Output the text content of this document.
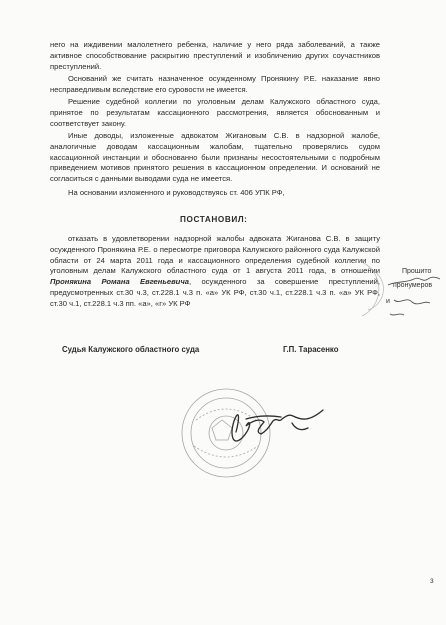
него на иждивении малолетнего ребенка, наличие у него ряда заболеваний, а также активное способствование раскрытию преступлений и изобличению других соучастников преступлений.

Оснований же считать назначенное осужденному Пронякину Р.Е. наказание явно несправедливым вследствие его суровости не имеется.

Решение судебной коллегии по уголовным делам Калужского областного суда, принятое по результатам кассационного рассмотрения, является обоснованным и соответствует закону.

Иные доводы, изложенные адвокатом Жигановым С.В. в надзорной жалобе, аналогичные доводам кассационным жалобам, тщательно проверялись судом кассационной инстанции и обоснованно были признаны несостоятельными с подробным приведением мотивов принятого решения в кассационном определении. И оснований не согласиться с данными выводами суда не имеется.

На основании изложенного и руководствуясь ст. 406 УПК РФ,

ПОСТАНОВИЛ:

отказать в удовлетворении надзорной жалобы адвоката Жиганова С.В. в защиту осужденного Пронякина Р.Е. о пересмотре приговора Калужского районного суда Калужской области от 24 марта 2011 года и кассационного определения судебной коллегии по уголовным делам Калужского областного суда от 1 августа 2011 года, в отношении Пронякина Романа Евгеньевича, осужденного за совершение преступлений, предусмотренных ст.30 ч.3, ст.228.1 ч.3 п. «а» УК РФ, ст.30 ч.1, ст.228.1 ч.3 п. «а» УК РФ, ст.30 ч.1, ст.228.1 ч.3 пп. «а», «г» УК РФ

Судья Калужского областного суда	Г.П. Тарасенко

Прошито
пронумеров
и
3
